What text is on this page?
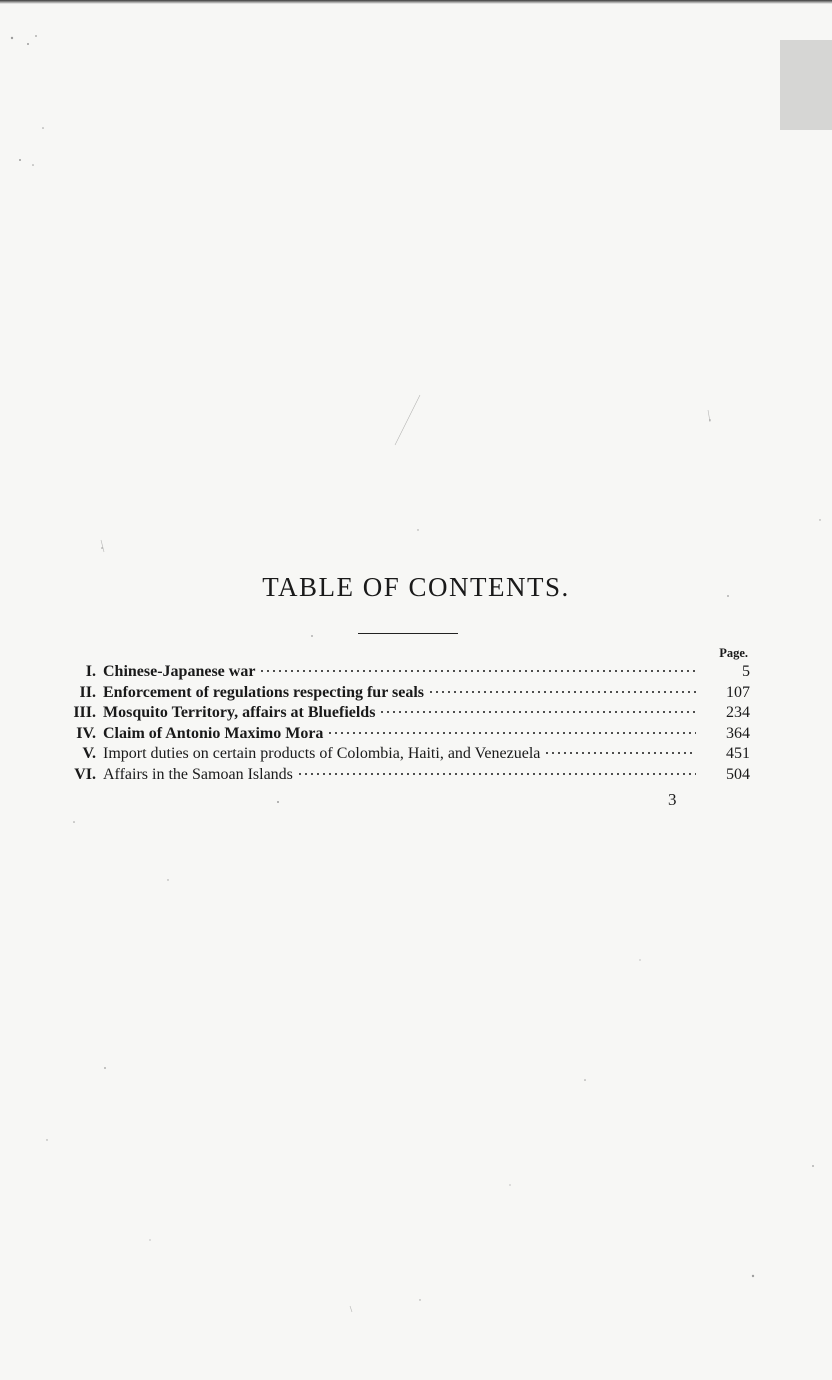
TABLE OF CONTENTS.
Page.
I. Chinese-Japanese war	5
II. Enforcement of regulations respecting fur seals	107
III. Mosquito Territory, affairs at Bluefields	234
IV. Claim of Antonio Maximo Mora	364
V. Import duties on certain products of Colombia, Haiti, and Venezuela	451
VI. Affairs in the Samoan Islands	504
3
